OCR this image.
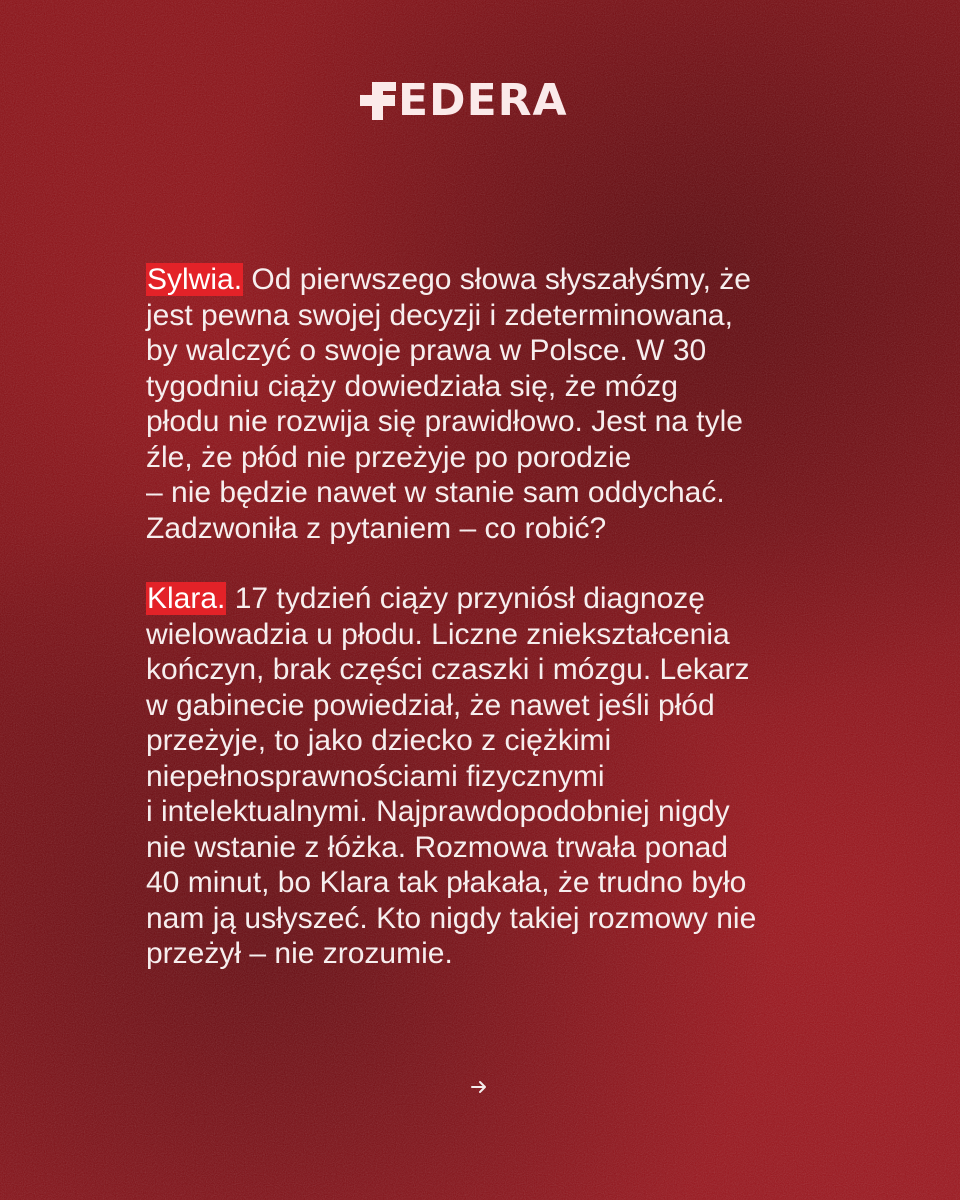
EDERA

Sylwia. Od pierwszego słowa słyszałyśmy, że
jest pewna swojej decyzji i zdeterminowana,
by walczyć o swoje prawa w Polsce. W 30
tygodniu ciąży dowiedziała się, że mózg
płodu nie rozwija się prawidłowo. Jest na tyle
źle, że płód nie przeżyje po porodzie
– nie będzie nawet w stanie sam oddychać.
Zadzwoniła z pytaniem – co robić?

Klara. 17 tydzień ciąży przyniósł diagnozę
wielowadzia u płodu. Liczne zniekształcenia
kończyn, brak części czaszki i mózgu. Lekarz
w gabinecie powiedział, że nawet jeśli płód
przeżyje, to jako dziecko z ciężkimi
niepełnosprawnościami fizycznymi
i intelektualnymi. Najprawdopodobniej nigdy
nie wstanie z łóżka. Rozmowa trwała ponad
40 minut, bo Klara tak płakała, że trudno było
nam ją usłyszeć. Kto nigdy takiej rozmowy nie
przeżył – nie zrozumie.
